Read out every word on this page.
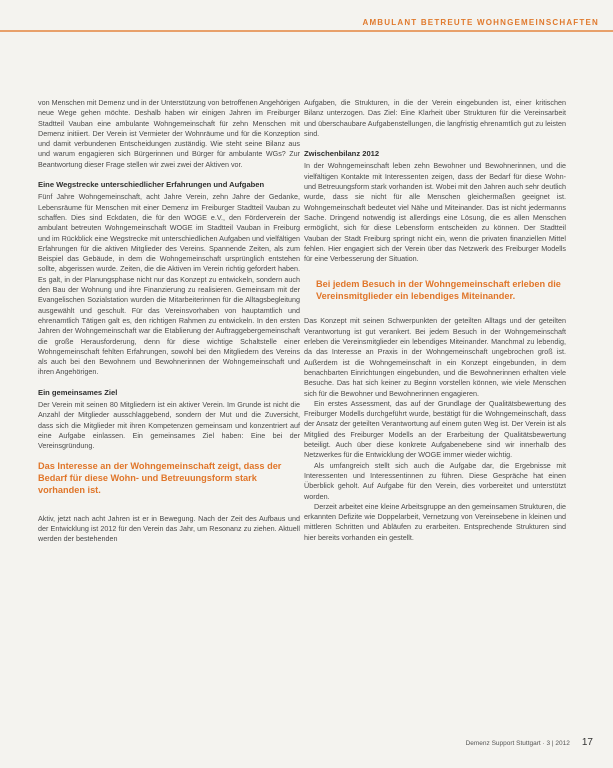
AMBULANT BETREUTE WOHNGEMEINSCHAFTEN

von Menschen mit Demenz und in der Unterstützung von betroffenen Angehörigen neue Wege gehen möchte. Deshalb haben wir einigen Jahren im Freiburger Stadtteil Vauban eine ambulante Wohngemeinschaft für zehn Menschen mit Demenz initiiert. Der Verein ist Vermieter der Wohnräume und für die Konzeption und damit verbundenen Entscheidungen zuständig. Wie steht seine Bilanz aus und warum engagieren sich Bürgerinnen und Bürger für ambulante WGs? Zur Beantwortung dieser Frage stellen wir zwei zwei der Aktiven vor.

Eine Wegstrecke unterschiedlicher Erfahrungen und Aufgaben

Fünf Jahre Wohngemeinschaft, acht Jahre Verein, zehn Jahre der Gedanke, Lebensräume für Menschen mit einer Demenz im Freiburger Stadtteil Vauban zu schaffen. Dies sind Eckdaten, die für den WOGE e.V., den Förderverein der ambulant betreuten Wohngemeinschaft WOGE im Stadtteil Vauban in Freiburg und im Rückblick eine Wegstrecke mit unterschiedlichen Aufgaben und vielfältigen Erfahrungen für die aktiven Mitglieder des Vereins. Spannende Zeiten, als zum Beispiel das Gebäude, in dem die Wohngemeinschaft ursprünglich entstehen sollte, abgerissen wurde. Zeiten, die die Aktiven im Verein richtig gefordert haben. Es galt, in der Planungsphase nicht nur das Konzept zu entwickeln, sondern auch den Bau der Wohnung und ihre Finanzierung zu realisieren. Gemeinsam mit der Evangelischen Sozialstation wurden die Mitarbeiterinnen für die Alltagsbegleitung ausgewählt und geschult. Für das Vereinsvorhaben von hauptamtlich und ehrenamtlich Tätigen galt es, den richtigen Rahmen zu entwickeln. In den ersten Jahren der Wohngemeinschaft war die Etablierung der Auftraggebergemeinschaft die große Herausforderung, denn für diese wichtige Schaltstelle einer Wohngemeinschaft fehlten Erfahrungen, sowohl bei den Mitgliedern des Vereins als auch bei den Bewohnern und Bewohnerinnen der Wohngemeinschaft und ihren Angehörigen.

Ein gemeinsames Ziel

Der Verein mit seinen 80 Mitgliedern ist ein aktiver Verein. Im Grunde ist nicht die Anzahl der Mitglieder ausschlaggebend, sondern der Mut und die Zuversicht, dass sich die Mitglieder mit ihren Kompetenzen gemeinsam und konzentriert auf eine Aufgabe einlassen. Ein gemeinsames Ziel haben: Eine bei der Vereinsgründung.

Das Interesse an der Wohngemeinschaft zeigt, dass der Bedarf für diese Wohn- und Betreuungsform stark vorhanden ist.

Aktiv, jetzt nach acht Jahren ist er in Bewegung. Nach der Zeit des Aufbaus und der Entwicklung ist 2012 für den Verein das Jahr, um Resonanz zu ziehen. Aktuell werden der bestehenden

Aufgaben, die Strukturen, in die der Verein eingebunden ist, einer kritischen Bilanz unterzogen. Das Ziel: Eine Klarheit über Strukturen für die Vereinsarbeit und überschaubare Aufgabenstellungen, die langfristig ehrenamtlich gut zu leisten sind.

Zwischenbilanz 2012

In der Wohngemeinschaft leben zehn Bewohner und Bewohnerinnen, und die vielfältigen Kontakte mit Interessenten zeigen, dass der Bedarf für diese Wohn- und Betreuungsform stark vorhanden ist. Wobei mit den Jahren auch sehr deutlich wurde, dass sie nicht für alle Menschen gleichermaßen geeignet ist. Wohngemeinschaft bedeutet viel Nähe und Miteinander. Das ist nicht jedermanns Sache. Dringend notwendig ist allerdings eine Lösung, die es allen Menschen ermöglicht, sich für diese Lebensform entscheiden zu können. Der Stadtteil Vauban der Stadt Freiburg springt nicht ein, wenn die privaten finanziellen Mittel fehlen. Hier engagiert sich der Verein über das Netzwerk des Freiburger Modells für eine Verbesserung der Situation.

Bei jedem Besuch in der Wohngemeinschaft erleben die Vereinsmitglieder ein lebendiges Miteinander.

Das Konzept mit seinen Schwerpunkten der geteilten Alltags und der geteilten Verantwortung ist gut verankert. Bei jedem Besuch in der Wohngemeinschaft erleben die Vereinsmitglieder ein lebendiges Miteinander. Manchmal zu lebendig, da das Interesse an Praxis in der Wohngemeinschaft ungebrochen groß ist. Außerdem ist die Wohngemeinschaft in ein Konzept eingebunden, in dem benachbarten Einrichtungen eingebunden, und die Bewohnerinnen erhalten viele Besuche. Das hat sich keiner zu Beginn vorstellen können, wie viele Menschen sich für die Bewohner und Bewohnerinnen engagieren.

Ein erstes Assessment, das auf der Grundlage der Qualitätsbewertung des Freiburger Modells durchgeführt wurde, bestätigt für die Wohngemeinschaft, dass der Ansatz der geteilten Verantwortung auf einem guten Weg ist. Der Verein ist als Mitglied des Freiburger Modells an der Erarbeitung der Qualitätsbewertung beteiligt. Auch über diese konkrete Aufgabenebene sind wir innerhalb des Netzwerkes für die Entwicklung der WOGE immer wieder wichtig.

Als umfangreich stellt sich auch die Aufgabe dar, die Ergebnisse mit Interessenten und Interessentinnen zu führen. Diese Gespräche hat einen Überblick geholt. Auf Aufgabe für den Verein, dies vorbereitet und unterstützt worden.

Derzeit arbeitet eine kleine Arbeitsgruppe an den gemeinsamen Strukturen, die erkannten Defizite wie Doppelarbeit, Vernetzung von Vereinsebene in kleinen und mittleren Schritten und Abläufen zu erarbeiten. Entsprechende Strukturen sind hier bereits vorhanden ein gestellt.

Demenz Support Stuttgart · 3 | 2012 17
